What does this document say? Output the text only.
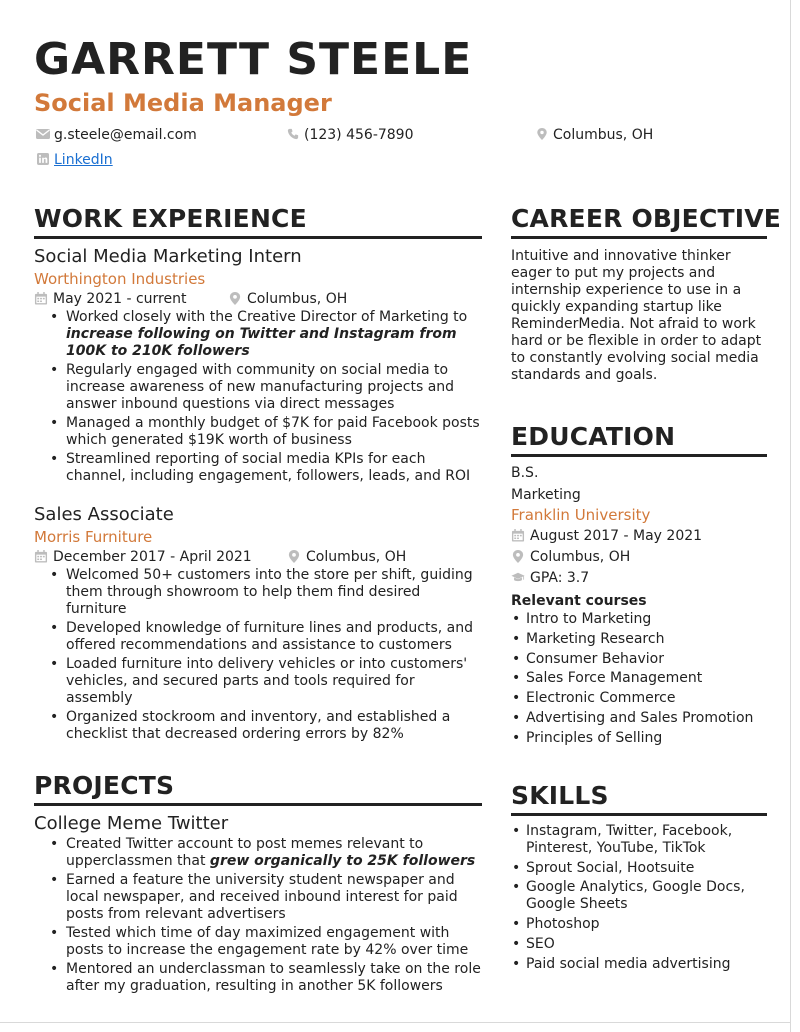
GARRETT STEELE
Social Media Manager
g.steele@email.com	(123) 456-7890	Columbus, OH
LinkedIn
WORK EXPERIENCE
Social Media Marketing Intern
Worthington Industries
May 2021 - current	Columbus, OH
• Worked closely with the Creative Director of Marketing to increase following on Twitter and Instagram from 100K to 210K followers
• Regularly engaged with community on social media to increase awareness of new manufacturing projects and answer inbound questions via direct messages
• Managed a monthly budget of $7K for paid Facebook posts which generated $19K worth of business
• Streamlined reporting of social media KPIs for each channel, including engagement, followers, leads, and ROI
Sales Associate
Morris Furniture
December 2017 - April 2021	Columbus, OH
• Welcomed 50+ customers into the store per shift, guiding them through showroom to help them find desired furniture
• Developed knowledge of furniture lines and products, and offered recommendations and assistance to customers
• Loaded furniture into delivery vehicles or into customers' vehicles, and secured parts and tools required for assembly
• Organized stockroom and inventory, and established a checklist that decreased ordering errors by 82%
PROJECTS
College Meme Twitter
• Created Twitter account to post memes relevant to upperclassmen that grew organically to 25K followers
• Earned a feature the university student newspaper and local newspaper, and received inbound interest for paid posts from relevant advertisers
• Tested which time of day maximized engagement with posts to increase the engagement rate by 42% over time
• Mentored an underclassman to seamlessly take on the role after my graduation, resulting in another 5K followers
CAREER OBJECTIVE
Intuitive and innovative thinker eager to put my projects and internship experience to use in a quickly expanding startup like ReminderMedia. Not afraid to work hard or be flexible in order to adapt to constantly evolving social media standards and goals.
EDUCATION
B.S.
Marketing
Franklin University
August 2017 - May 2021
Columbus, OH
GPA: 3.7
Relevant courses
• Intro to Marketing
• Marketing Research
• Consumer Behavior
• Sales Force Management
• Electronic Commerce
• Advertising and Sales Promotion
• Principles of Selling
SKILLS
• Instagram, Twitter, Facebook, Pinterest, YouTube, TikTok
• Sprout Social, Hootsuite
• Google Analytics, Google Docs, Google Sheets
• Photoshop
• SEO
• Paid social media advertising
